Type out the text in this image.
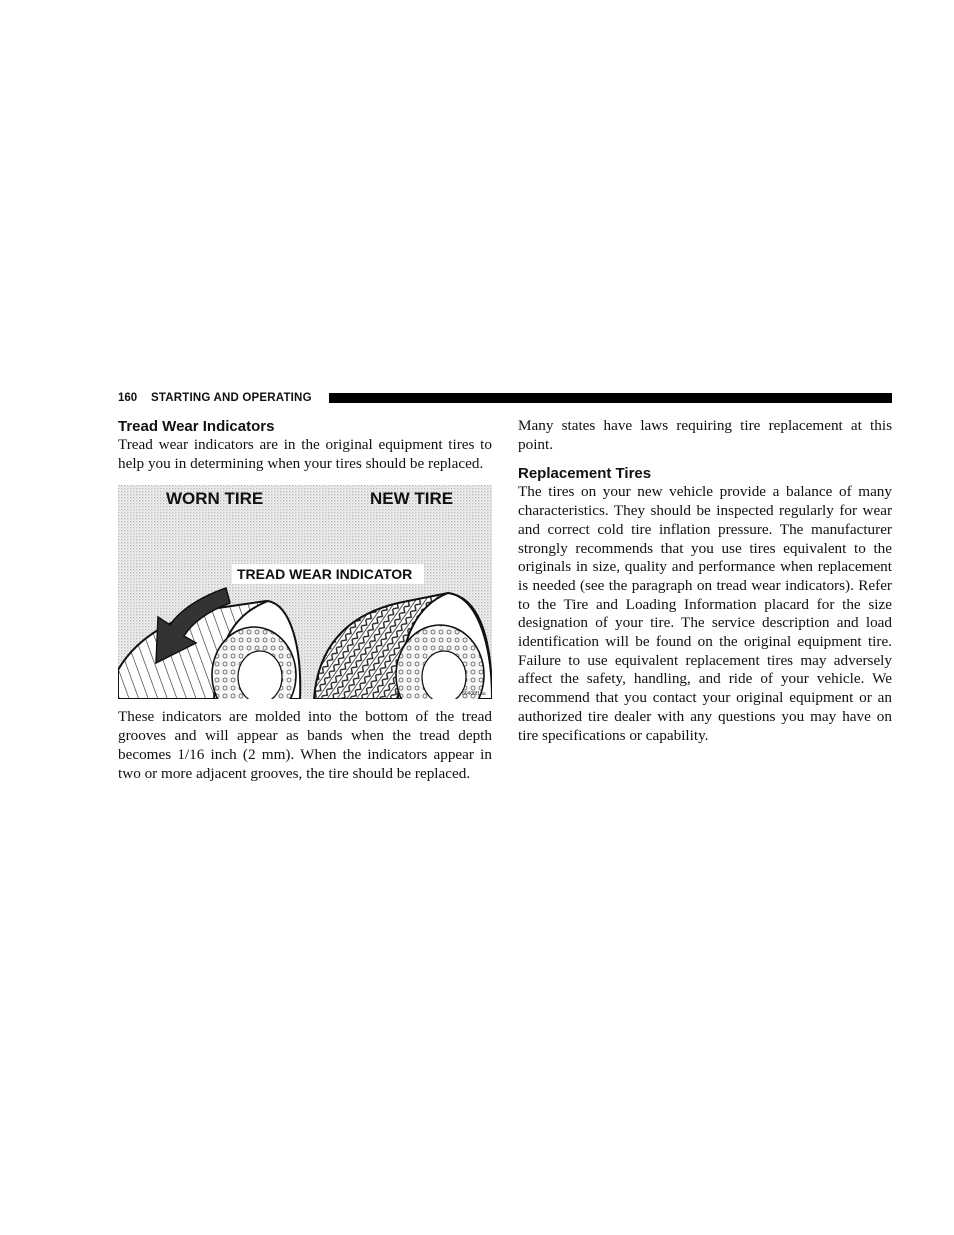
160 STARTING AND OPERATING
Tread Wear Indicators

Tread wear indicators are in the original equipment tires to help you in determining when your tires should be replaced.

WORN TIRE	NEW TIRE
TREAD WEAR INDICATOR
80408f1aa

These indicators are molded into the bottom of the tread grooves and will appear as bands when the tread depth becomes 1/16 inch (2 mm). When the indicators appear in two or more adjacent grooves, the tire should be replaced.

Many states have laws requiring tire replacement at this point.

Replacement Tires

The tires on your new vehicle provide a balance of many characteristics. They should be inspected regularly for wear and correct cold tire inflation pressure. The manufacturer strongly recommends that you use tires equivalent to the originals in size, quality and performance when replacement is needed (see the paragraph on tread wear indicators). Refer to the Tire and Loading Information placard for the size designation of your tire. The service description and load identification will be found on the original equipment tire. Failure to use equivalent replacement tires may adversely affect the safety, handling, and ride of your vehicle. We recommend that you contact your original equipment or an authorized tire dealer with any questions you may have on tire specifications or capability.
